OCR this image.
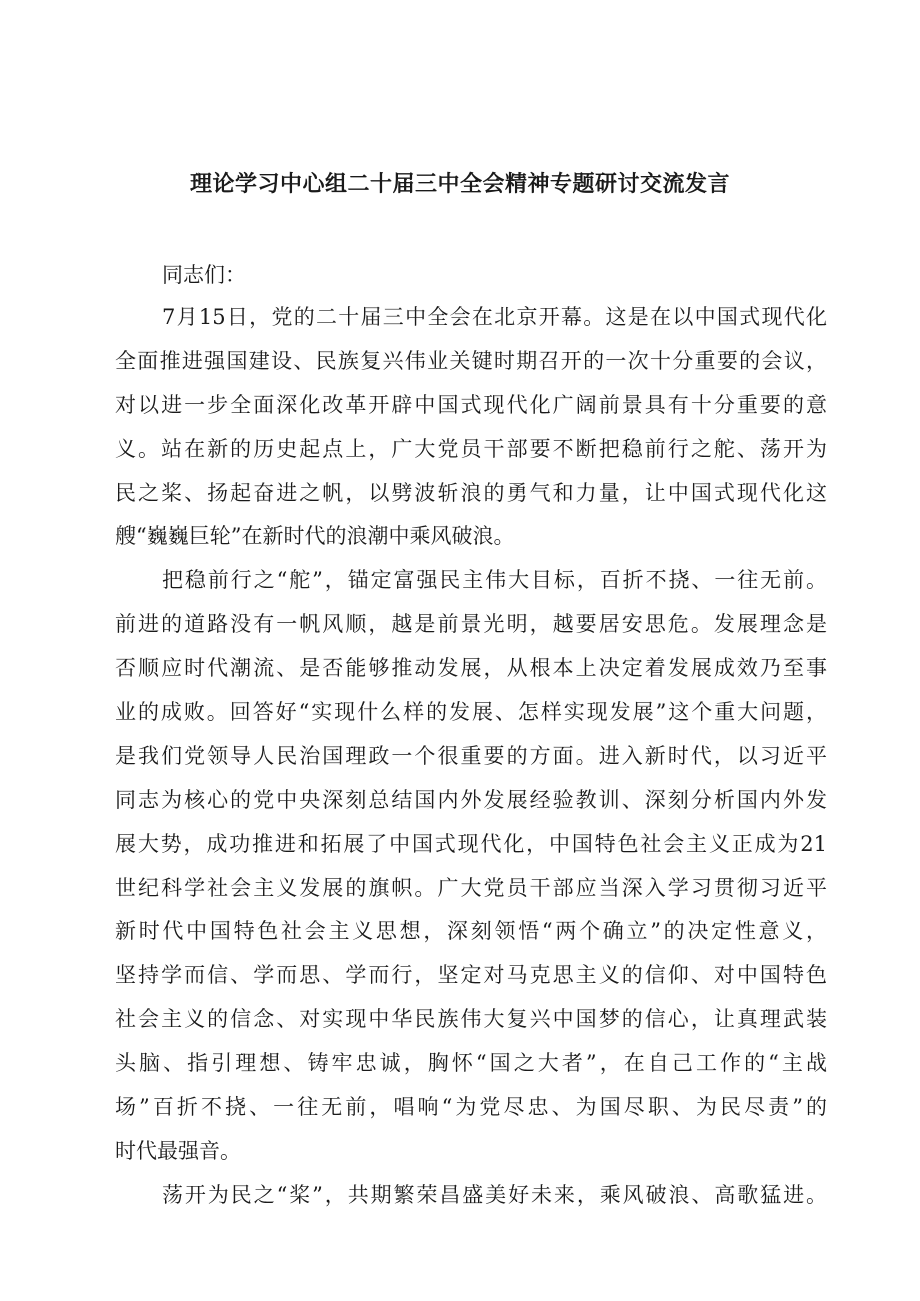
理论学习中心组二十届三中全会精神专题研讨交流发言
同志们：
7月15日，党的二十届三中全会在北京开幕。这是在以中国式现代化
全面推进强国建设、民族复兴伟业关键时期召开的一次十分重要的会议，
对以进一步全面深化改革开辟中国式现代化广阔前景具有十分重要的意
义。站在新的历史起点上，广大党员干部要不断把稳前行之舵、荡开为
民之桨、扬起奋进之帆，以劈波斩浪的勇气和力量，让中国式现代化这
艘“巍巍巨轮”在新时代的浪潮中乘风破浪。
把稳前行之“舵”，锚定富强民主伟大目标，百折不挠、一往无前。
前进的道路没有一帆风顺，越是前景光明，越要居安思危。发展理念是
否顺应时代潮流、是否能够推动发展，从根本上决定着发展成效乃至事
业的成败。回答好“实现什么样的发展、怎样实现发展”这个重大问题，
是我们党领导人民治国理政一个很重要的方面。进入新时代，以习近平
同志为核心的党中央深刻总结国内外发展经验教训、深刻分析国内外发
展大势，成功推进和拓展了中国式现代化，中国特色社会主义正成为21
世纪科学社会主义发展的旗帜。广大党员干部应当深入学习贯彻习近平
新时代中国特色社会主义思想，深刻领悟“两个确立”的决定性意义，
坚持学而信、学而思、学而行，坚定对马克思主义的信仰、对中国特色
社会主义的信念、对实现中华民族伟大复兴中国梦的信心，让真理武装
头脑、指引理想、铸牢忠诚，胸怀“国之大者”，在自己工作的“主战
场”百折不挠、一往无前，唱响“为党尽忠、为国尽职、为民尽责”的
时代最强音。
荡开为民之“桨”，共期繁荣昌盛美好未来，乘风破浪、高歌猛进。
